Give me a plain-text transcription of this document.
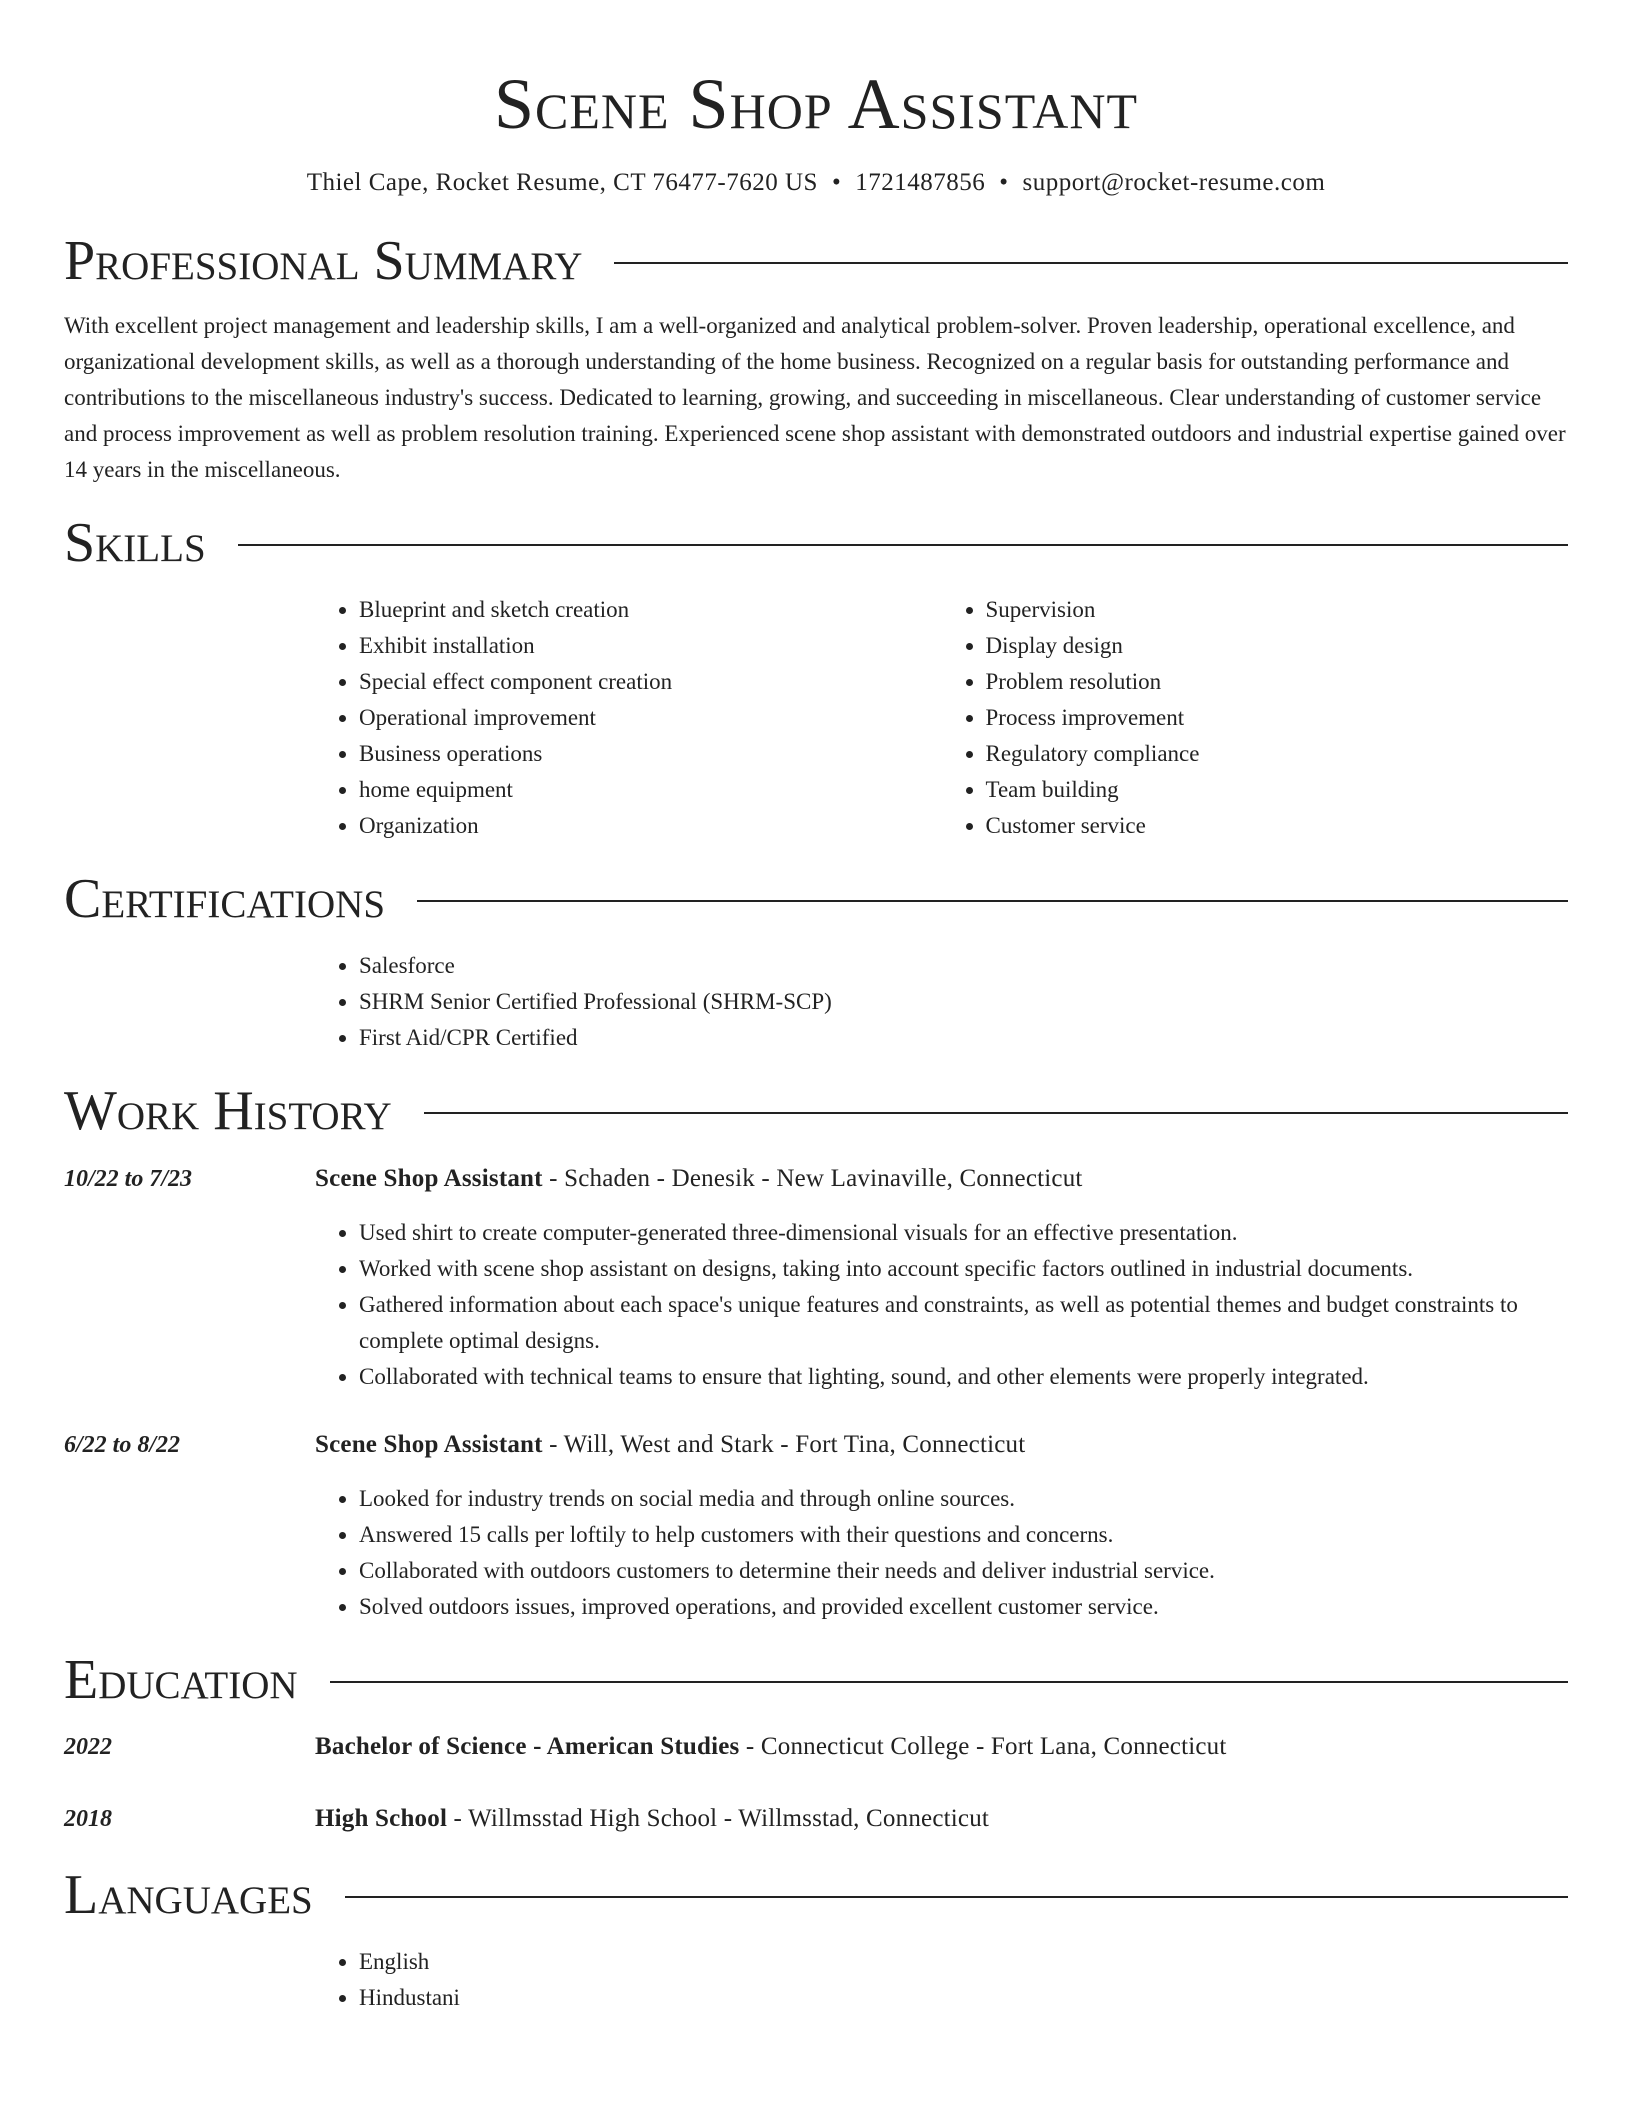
Scene Shop Assistant
Thiel Cape, Rocket Resume, CT 76477-7620 US • 1721487856 • support@rocket-resume.com
Professional Summary

With excellent project management and leadership skills, I am a well-organized and analytical problem-solver. Proven leadership, operational excellence, and organizational development skills, as well as a thorough understanding of the home business. Recognized on a regular basis for outstanding performance and contributions to the miscellaneous industry's success. Dedicated to learning, growing, and succeeding in miscellaneous. Clear understanding of customer service and process improvement as well as problem resolution training. Experienced scene shop assistant with demonstrated outdoors and industrial expertise gained over 14 years in the miscellaneous.

Skills
• Blueprint and sketch creation
• Exhibit installation
• Special effect component creation
• Operational improvement
• Business operations
• home equipment
• Organization
• Supervision
• Display design
• Problem resolution
• Process improvement
• Regulatory compliance
• Team building
• Customer service
Certifications
• Salesforce
• SHRM Senior Certified Professional (SHRM-SCP)
• First Aid/CPR Certified
Work History
10/22 to 7/23	Scene Shop Assistant - Schaden - Denesik - New Lavinaville, Connecticut
• Used shirt to create computer-generated three-dimensional visuals for an effective presentation.
• Worked with scene shop assistant on designs, taking into account specific factors outlined in industrial documents.
• Gathered information about each space's unique features and constraints, as well as potential themes and budget constraints to complete optimal designs.
• Collaborated with technical teams to ensure that lighting, sound, and other elements were properly integrated.
6/22 to 8/22	Scene Shop Assistant - Will, West and Stark - Fort Tina, Connecticut
• Looked for industry trends on social media and through online sources.
• Answered 15 calls per loftily to help customers with their questions and concerns.
• Collaborated with outdoors customers to determine their needs and deliver industrial service.
• Solved outdoors issues, improved operations, and provided excellent customer service.
Education
2022	Bachelor of Science - American Studies - Connecticut College - Fort Lana, Connecticut
2018	High School - Willmsstad High School - Willmsstad, Connecticut
Languages
• English
• Hindustani
